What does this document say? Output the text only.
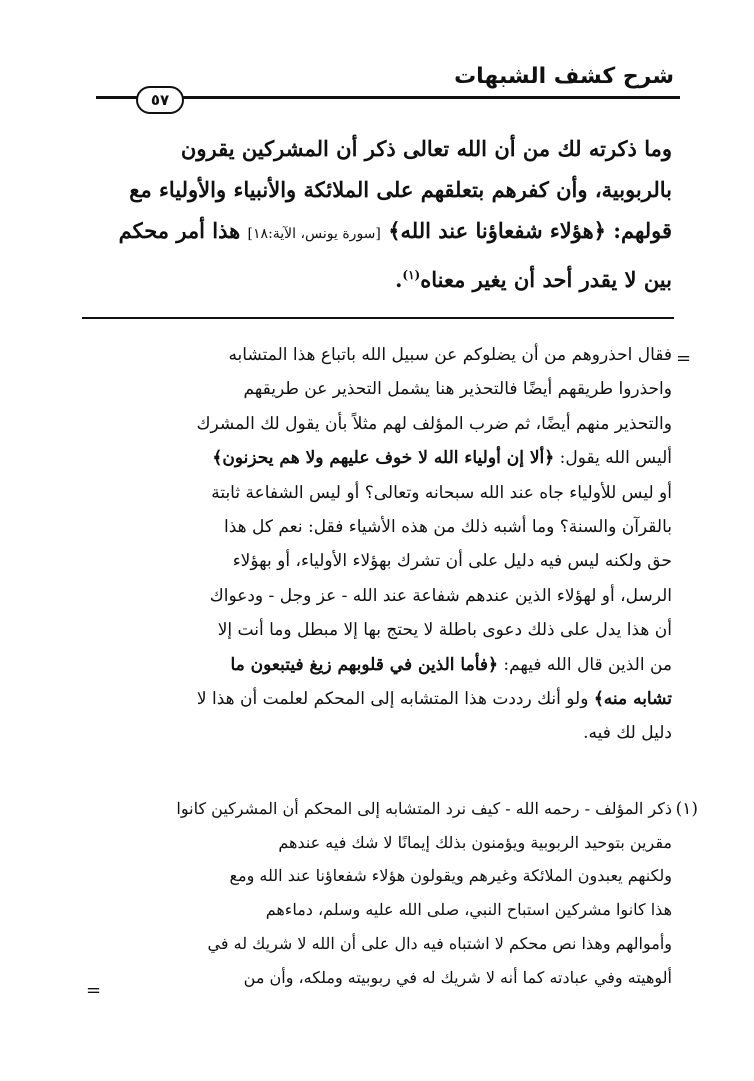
شرح كشف الشبهات
٥٧
وما ذكرته لك من أن الله تعالى ذكر أن المشركين يقرون
بالربوبية، وأن كفرهم بتعلقهم على الملائكة والأنبياء والأولياء مع
قولهم: ﴿هؤلاء شفعاؤنا عند الله﴾ [سورة يونس، الآية:١٨] هذا أمر محكم
بين لا يقدر أحد أن يغير معناه$^{(١)}$.
=
فقال احذروهم من أن يضلوكم عن سبيل الله باتباع هذا المتشابه
واحذروا طريقهم أيضًا فالتحذير هنا يشمل التحذير عن طريقهم
والتحذير منهم أيضًا، ثم ضرب المؤلف لهم مثلاً بأن يقول لك المشرك
أليس الله يقول: ﴿ألا إن أولياء الله لا خوف عليهم ولا هم يحزنون﴾
أو ليس للأولياء جاه عند الله سبحانه وتعالى؟ أو ليس الشفاعة ثابتة
بالقرآن والسنة؟ وما أشبه ذلك من هذه الأشياء فقل: نعم كل هذا
حق ولكنه ليس فيه دليل على أن تشرك بهؤلاء الأولياء، أو بهؤلاء
الرسل، أو لهؤلاء الذين عندهم شفاعة عند الله - عز وجل - ودعواك
أن هذا يدل على ذلك دعوى باطلة لا يحتج بها إلا مبطل وما أنت إلا
من الذين قال الله فيهم: ﴿فأما الذين في قلوبهم زيغ فيتبعون ما
تشابه منه﴾ ولو أنك رددت هذا المتشابه إلى المحكم لعلمت أن هذا لا
دليل لك فيه.
(١)
ذكر المؤلف - رحمه الله - كيف نرد المتشابه إلى المحكم أن المشركين كانوا
مقرين بتوحيد الربوبية ويؤمنون بذلك إيمانًا لا شك فيه عندهم
ولكنهم يعبدون الملائكة وغيرهم ويقولون هؤلاء شفعاؤنا عند الله ومع
هذا كانوا مشركين استباح النبي، صلى الله عليه وسلم، دماءهم
وأموالهم وهذا نص محكم لا اشتباه فيه دال على أن الله لا شريك له في
ألوهيته وفي عبادته كما أنه لا شريك له في ربوبيته وملكه، وأن من
=
